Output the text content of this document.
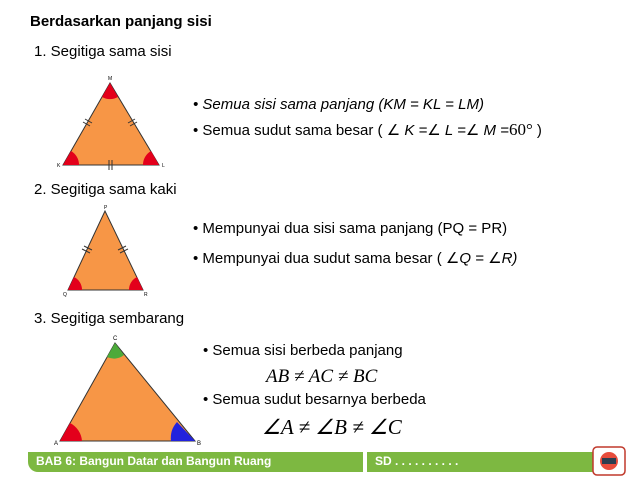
Berdasarkan panjang sisi
1. Segitiga sama sisi
M
K	L
• Semua sisi sama panjang (KM = KL = LM)
• Semua sudut sama besar ( ∠ K =∠ L =∠ M =60° )
2. Segitiga sama kaki
P
Q	R
• Mempunyai dua sisi sama panjang (PQ = PR)
• Mempunyai dua sudut sama besar ( ∠Q = ∠R)
3. Segitiga sembarang
C
A	B
• Semua sisi berbeda panjang
AB ≠ AC ≠ BC
• Semua sudut besarnya berbeda
∠A ≠ ∠B ≠ ∠C
BAB 6: Bangun Datar dan Bangun Ruang	SD . . . . . . . . . .
